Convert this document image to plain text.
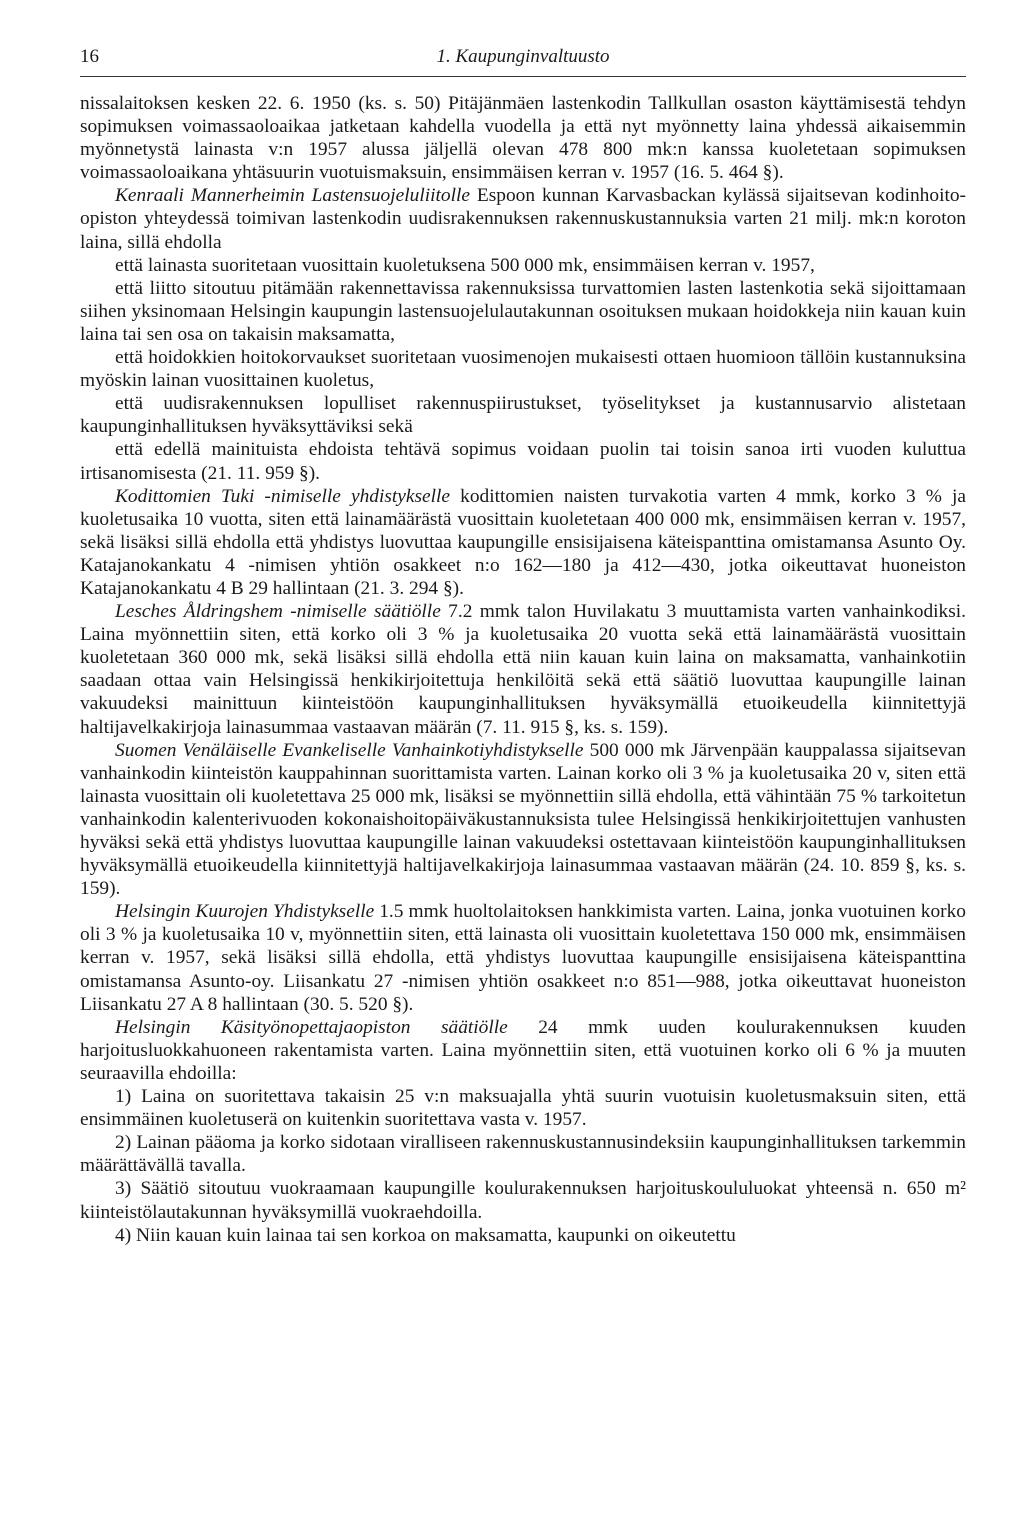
16	1. Kaupunginvaltuusto

nissalaitoksen kesken 22. 6. 1950 (ks. s. 50) Pitäjänmäen lastenkodin Tallkullan osaston käyttämisestä tehdyn sopimuksen voimassaoloaikaa jatketaan kahdella vuodella ja että nyt myönnetty laina yhdessä aikaisemmin myönnetystä lainasta v:n 1957 alussa jäljellä olevan 478 800 mk:n kanssa kuoletetaan sopimuksen voimassaoloaikana yhtäsuurin vuotuismaksuin, ensimmäisen kerran v. 1957 (16. 5. 464 §).

Kenraali Mannerheimin Lastensuojeluliitolle Espoon kunnan Karvasbackan kylässä sijaitsevan kodinhoito-opiston yhteydessä toimivan lastenkodin uudisrakennuksen rakennuskustannuksia varten 21 milj. mk:n koroton laina, sillä ehdolla

että lainasta suoritetaan vuosittain kuoletuksena 500 000 mk, ensimmäisen kerran v. 1957,

että liitto sitoutuu pitämään rakennettavissa rakennuksissa turvattomien lasten lastenkotia sekä sijoittamaan siihen yksinomaan Helsingin kaupungin lastensuojelulautakunnan osoituksen mukaan hoidokkeja niin kauan kuin laina tai sen osa on takaisin maksamatta,

että hoidokkien hoitokorvaukset suoritetaan vuosimenojen mukaisesti ottaen huomioon tällöin kustannuksina myöskin lainan vuosittainen kuoletus,

että uudisrakennuksen lopulliset rakennuspiirustukset, työselitykset ja kustannusarvio alistetaan kaupunginhallituksen hyväksyttäviksi sekä

että edellä mainituista ehdoista tehtävä sopimus voidaan puolin tai toisin sanoa irti vuoden kuluttua irtisanomisesta (21. 11. 959 §).

Kodittomien Tuki -nimiselle yhdistykselle kodittomien naisten turvakotia varten 4 mmk, korko 3 % ja kuoletusaika 10 vuotta, siten että lainamäärästä vuosittain kuoletetaan 400 000 mk, ensimmäisen kerran v. 1957, sekä lisäksi sillä ehdolla että yhdistys luovuttaa kaupungille ensisijaisena käteispanttina omistamansa Asunto Oy. Katajanokankatu 4 -nimisen yhtiön osakkeet n:o 162—180 ja 412—430, jotka oikeuttavat huoneiston Katajanokankatu 4 B 29 hallintaan (21. 3. 294 §).

Lesches Åldringshem -nimiselle säätiölle 7.2 mmk talon Huvilakatu 3 muuttamista varten vanhainkodiksi. Laina myönnettiin siten, että korko oli 3 % ja kuoletusaika 20 vuotta sekä että lainamäärästä vuosittain kuoletetaan 360 000 mk, sekä lisäksi sillä ehdolla että niin kauan kuin laina on maksamatta, vanhainkotiin saadaan ottaa vain Helsingissä henkikirjoitettuja henkilöitä sekä että säätiö luovuttaa kaupungille lainan vakuudeksi mainittuun kiinteistöön kaupunginhallituksen hyväksymällä etuoikeudella kiinnitettyjä haltijavelkakirjoja lainasummaa vastaavan määrän (7. 11. 915 §, ks. s. 159).

Suomen Venäläiselle Evankeliselle Vanhainkotiyhdistykselle 500 000 mk Järvenpään kauppalassa sijaitsevan vanhainkodin kiinteistön kauppahinnan suorittamista varten. Lainan korko oli 3 % ja kuoletusaika 20 v, siten että lainasta vuosittain oli kuoletettava 25 000 mk, lisäksi se myönnettiin sillä ehdolla, että vähintään 75 % tarkoitetun vanhainkodin kalenterivuoden kokonaishoitopäiväkustannuksista tulee Helsingissä henkikirjoitettujen vanhusten hyväksi sekä että yhdistys luovuttaa kaupungille lainan vakuudeksi ostettavaan kiinteistöön kaupunginhallituksen hyväksymällä etuoikeudella kiinnitettyjä haltijavelkakirjoja lainasummaa vastaavan määrän (24. 10. 859 §, ks. s. 159).

Helsingin Kuurojen Yhdistykselle 1.5 mmk huoltolaitoksen hankkimista varten. Laina, jonka vuotuinen korko oli 3 % ja kuoletusaika 10 v, myönnettiin siten, että lainasta oli vuosittain kuoletettava 150 000 mk, ensimmäisen kerran v. 1957, sekä lisäksi sillä ehdolla, että yhdistys luovuttaa kaupungille ensisijaisena käteispanttina omistamansa Asunto-oy. Liisankatu 27 -nimisen yhtiön osakkeet n:o 851—988, jotka oikeuttavat huoneiston Liisankatu 27 A 8 hallintaan (30. 5. 520 §).

Helsingin Käsityönopettajaopiston säätiölle 24 mmk uuden koulurakennuksen kuuden harjoitusluokkahuoneen rakentamista varten. Laina myönnettiin siten, että vuotuinen korko oli 6 % ja muuten seuraavilla ehdoilla:

1) Laina on suoritettava takaisin 25 v:n maksuajalla yhtä suurin vuotuisin kuoletusmaksuin siten, että ensimmäinen kuoletuserä on kuitenkin suoritettava vasta v. 1957.

2) Lainan pääoma ja korko sidotaan viralliseen rakennuskustannusindeksiin kaupunginhallituksen tarkemmin määrättävällä tavalla.

3) Säätiö sitoutuu vuokraamaan kaupungille koulurakennuksen harjoituskoululuokat yhteensä n. 650 m² kiinteistölautakunnan hyväksymillä vuokraehdoilla.

4) Niin kauan kuin lainaa tai sen korkoa on maksamatta, kaupunki on oikeutettu
